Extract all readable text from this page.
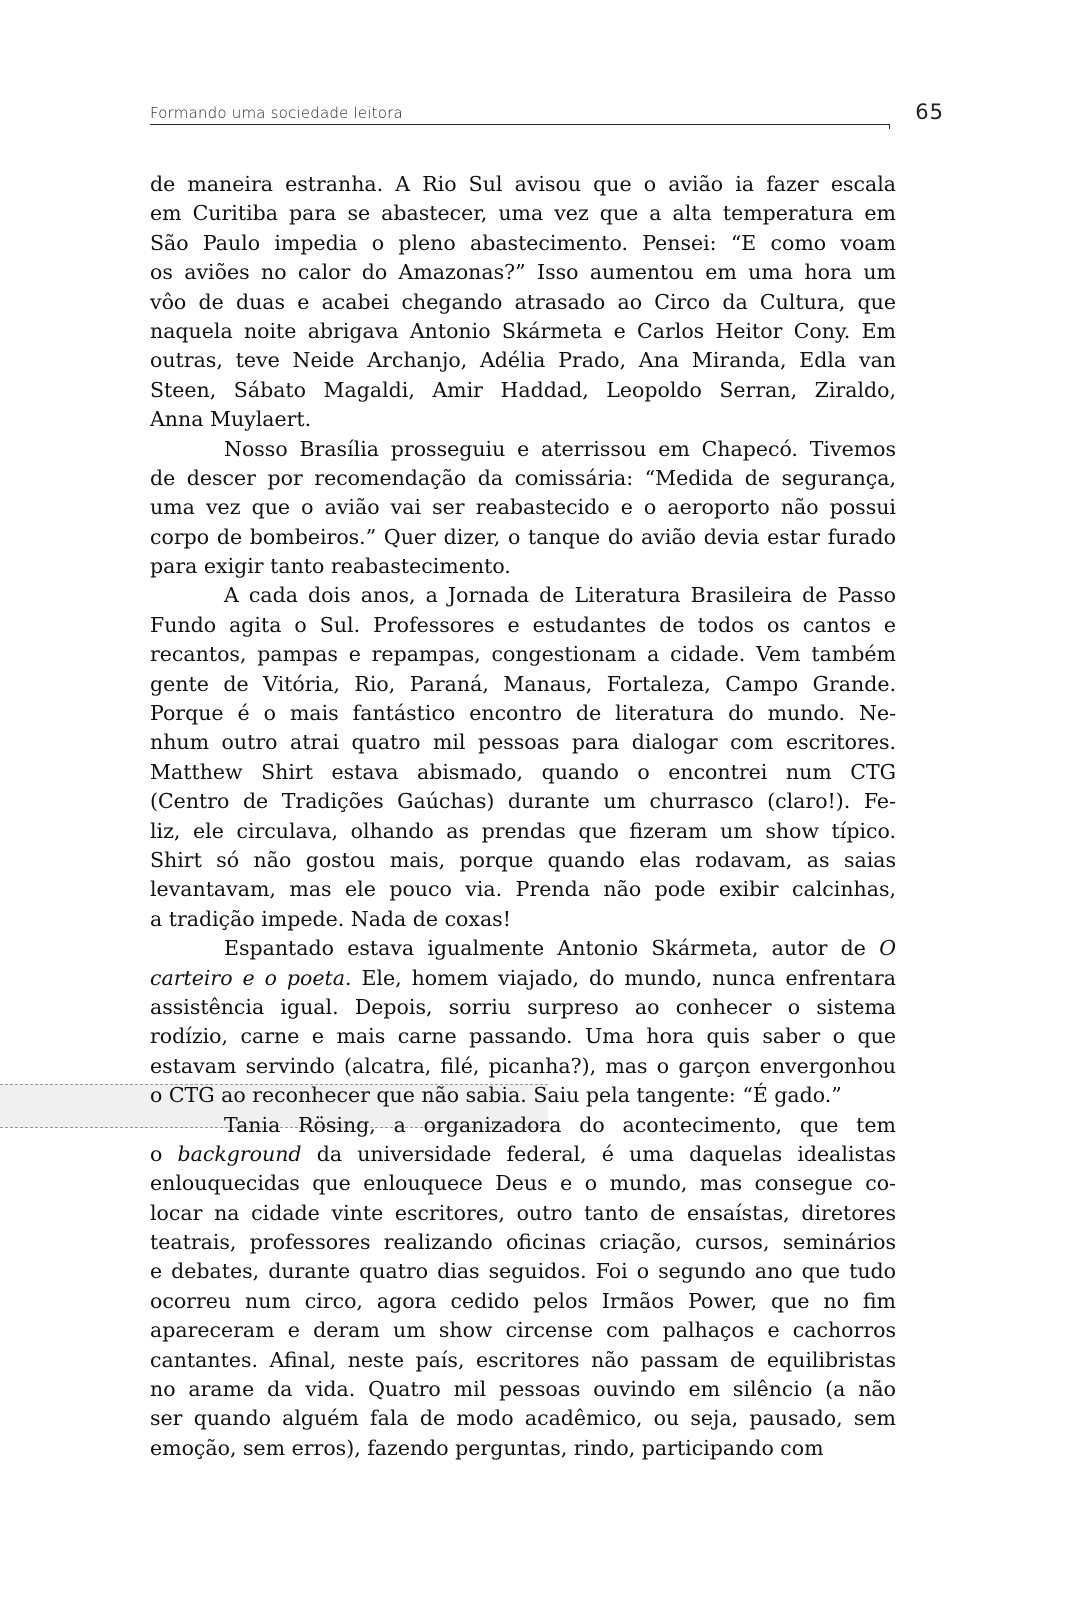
Formando uma sociedade leitora	65
de maneira estranha. A Rio Sul avisou que o avião ia fazer escala
em Curitiba para se abastecer, uma vez que a alta temperatura em
São Paulo impedia o pleno abastecimento. Pensei: “E como voam
os aviões no calor do Amazonas?” Isso aumentou em uma hora um
vôo de duas e acabei chegando atrasado ao Circo da Cultura, que
naquela noite abrigava Antonio Skármeta e Carlos Heitor Cony. Em
outras, teve Neide Archanjo, Adélia Prado, Ana Miranda, Edla van
Steen, Sábato Magaldi, Amir Haddad, Leopoldo Serran, Ziraldo,
Anna Muylaert.
Nosso Brasília prosseguiu e aterrissou em Chapecó. Tivemos
de descer por recomendação da comissária: “Medida de segurança,
uma vez que o avião vai ser reabastecido e o aeroporto não possui
corpo de bombeiros.” Quer dizer, o tanque do avião devia estar furado
para exigir tanto reabastecimento.
A cada dois anos, a Jornada de Literatura Brasileira de Passo
Fundo agita o Sul. Professores e estudantes de todos os cantos e
recantos, pampas e repampas, congestionam a cidade. Vem também
gente de Vitória, Rio, Paraná, Manaus, Fortaleza, Campo Grande.
Porque é o mais fantástico encontro de literatura do mundo. Ne-
nhum outro atrai quatro mil pessoas para dialogar com escritores.
Matthew Shirt estava abismado, quando o encontrei num CTG
(Centro de Tradições Gaúchas) durante um churrasco (claro!). Fe-
liz, ele circulava, olhando as prendas que fizeram um show típico.
Shirt só não gostou mais, porque quando elas rodavam, as saias
levantavam, mas ele pouco via. Prenda não pode exibir calcinhas,
a tradição impede. Nada de coxas!
Espantado estava igualmente Antonio Skármeta, autor de O
carteiro e o poeta. Ele, homem viajado, do mundo, nunca enfrentara
assistência igual. Depois, sorriu surpreso ao conhecer o sistema
rodízio, carne e mais carne passando. Uma hora quis saber o que
estavam servindo (alcatra, filé, picanha?), mas o garçon envergonhou
o CTG ao reconhecer que não sabia. Saiu pela tangente: “É gado.”
Tania Rösing, a organizadora do acontecimento, que tem
o background da universidade federal, é uma daquelas idealistas
enlouquecidas que enlouquece Deus e o mundo, mas consegue co-
locar na cidade vinte escritores, outro tanto de ensaístas, diretores
teatrais, professores realizando oficinas criação, cursos, seminários
e debates, durante quatro dias seguidos. Foi o segundo ano que tudo
ocorreu num circo, agora cedido pelos Irmãos Power, que no fim
apareceram e deram um show circense com palhaços e cachorros
cantantes. Afinal, neste país, escritores não passam de equilibristas
no arame da vida. Quatro mil pessoas ouvindo em silêncio (a não
ser quando alguém fala de modo acadêmico, ou seja, pausado, sem
emoção, sem erros), fazendo perguntas, rindo, participando com
